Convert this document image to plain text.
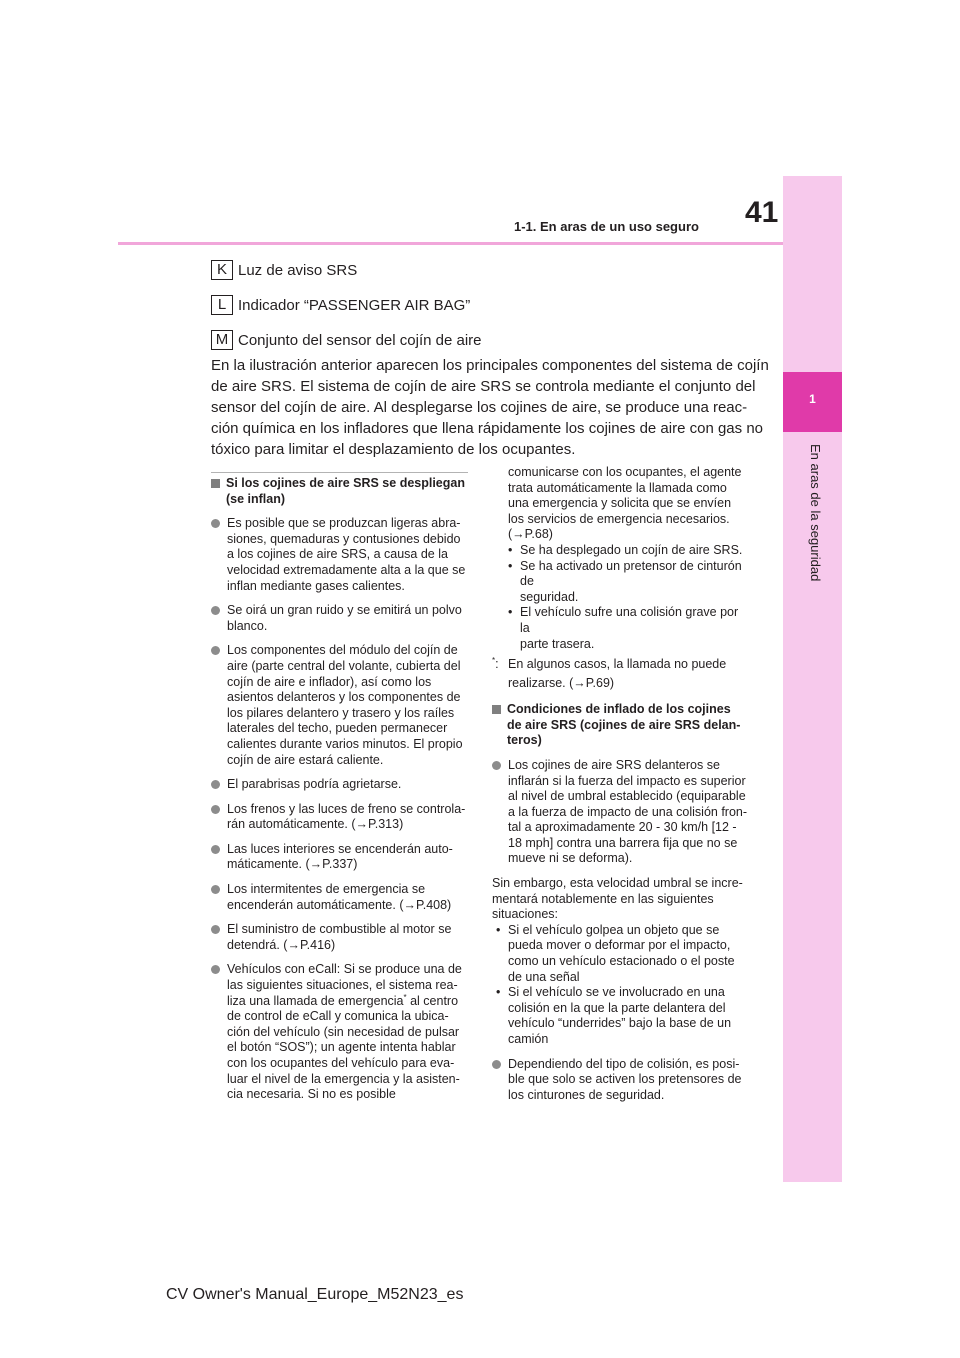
1
En aras de la seguridad
41
1-1. En aras de un uso seguro
K Luz de aviso SRS
L Indicador “PASSENGER AIR BAG”
M Conjunto del sensor del cojín de aire
En la ilustración anterior aparecen los principales componentes del sistema de cojín
de aire SRS. El sistema de cojín de aire SRS se controla mediante el conjunto del
sensor del cojín de aire. Al desplegarse los cojines de aire, se produce una reac-
ción química en los infladores que llena rápidamente los cojines de aire con gas no
tóxico para limitar el desplazamiento de los ocupantes.
Si los cojines de aire SRS se despliegan
(se inflan)
Es posible que se produzcan ligeras abra-
siones, quemaduras y contusiones debido
a los cojines de aire SRS, a causa de la
velocidad extremadamente alta a la que se
inflan mediante gases calientes.
Se oirá un gran ruido y se emitirá un polvo
blanco.
Los componentes del módulo del cojín de
aire (parte central del volante, cubierta del
cojín de aire e inflador), así como los
asientos delanteros y los componentes de
los pilares delantero y trasero y los raíles
laterales del techo, pueden permanecer
calientes durante varios minutos. El propio
cojín de aire estará caliente.
El parabrisas podría agrietarse.
Los frenos y las luces de freno se controla-
rán automáticamente. (→P.313)
Las luces interiores se encenderán auto-
máticamente. (→P.337)
Los intermitentes de emergencia se
encenderán automáticamente. (→P.408)
El suministro de combustible al motor se
detendrá. (→P.416)
Vehículos con eCall: Si se produce una de
las siguientes situaciones, el sistema rea-
liza una llamada de emergencia* al centro
de control de eCall y comunica la ubica-
ción del vehículo (sin necesidad de pulsar
el botón “SOS”); un agente intenta hablar
con los ocupantes del vehículo para eva-
luar el nivel de la emergencia y la asisten-
cia necesaria. Si no es posible
comunicarse con los ocupantes, el agente
trata automáticamente la llamada como
una emergencia y solicita que se envíen
los servicios de emergencia necesarios.
(→P.68)
• Se ha desplegado un cojín de aire SRS.
• Se ha activado un pretensor de cinturón de
seguridad.
• El vehículo sufre una colisión grave por la
parte trasera.
*: En algunos casos, la llamada no puede
realizarse. (→P.69)
Condiciones de inflado de los cojines
de aire SRS (cojines de aire SRS delan-
teros)
Los cojines de aire SRS delanteros se
inflarán si la fuerza del impacto es superior
al nivel de umbral establecido (equiparable
a la fuerza de impacto de una colisión fron-
tal a aproximadamente 20 - 30 km/h [12 -
18 mph] contra una barrera fija que no se
mueve ni se deforma).
Sin embargo, esta velocidad umbral se incre-
mentará notablemente en las siguientes
situaciones:
• Si el vehículo golpea un objeto que se
pueda mover o deformar por el impacto,
como un vehículo estacionado o el poste
de una señal
• Si el vehículo se ve involucrado en una
colisión en la que la parte delantera del
vehículo “underrides” bajo la base de un
camión
Dependiendo del tipo de colisión, es posi-
ble que solo se activen los pretensores de
los cinturones de seguridad.
CV Owner's Manual_Europe_M52N23_es
